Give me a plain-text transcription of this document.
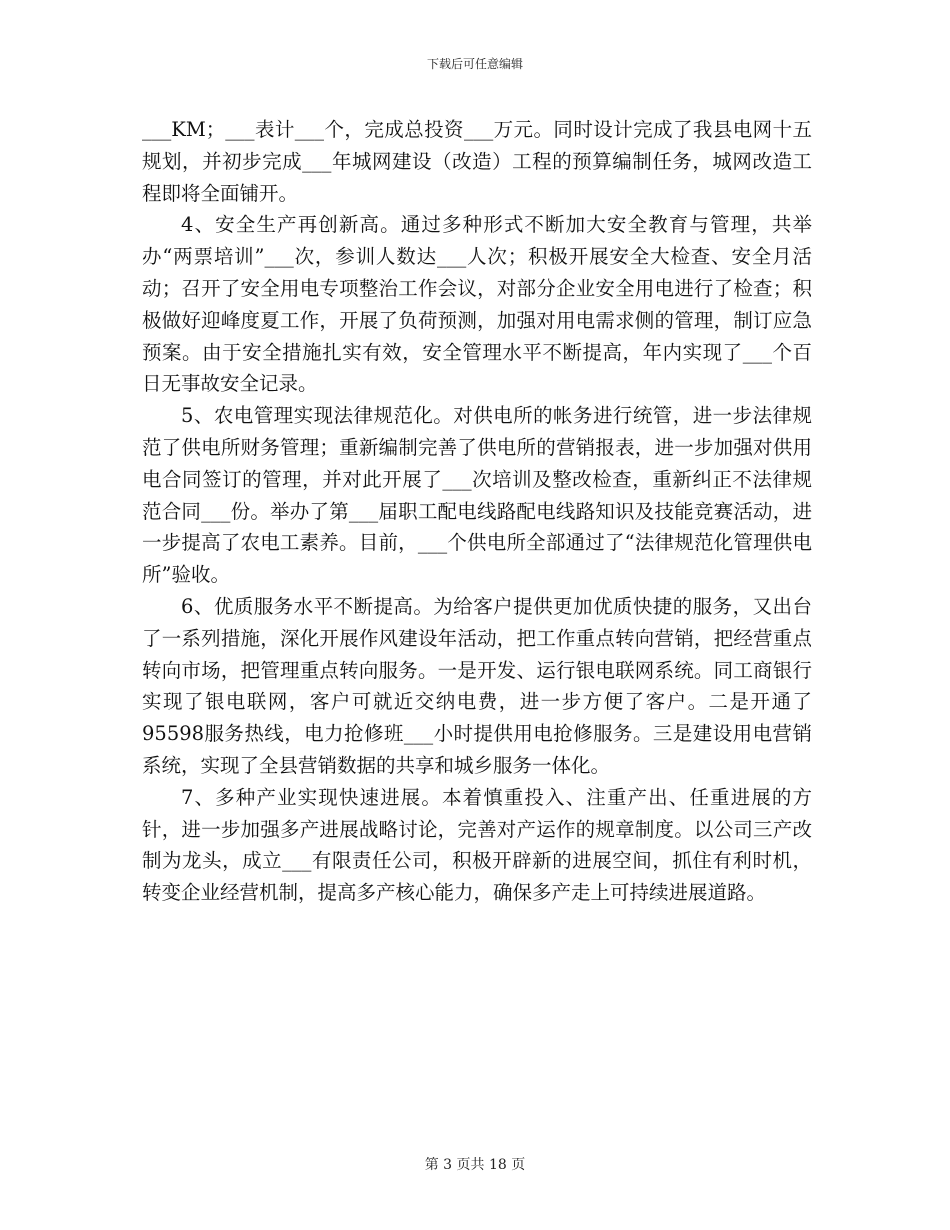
下载后可任意编辑

___KM；___表计___个，完成总投资___万元。同时设计完成了我县电网十五规划，并初步完成___年城网建设（改造）工程的预算编制任务，城网改造工程即将全面铺开。

4、安全生产再创新高。通过多种形式不断加大安全教育与管理，共举办“两票培训”___次，参训人数达___人次；积极开展安全大检查、安全月活动；召开了安全用电专项整治工作会议，对部分企业安全用电进行了检查；积极做好迎峰度夏工作，开展了负荷预测，加强对用电需求侧的管理，制订应急预案。由于安全措施扎实有效，安全管理水平不断提高，年内实现了___个百日无事故安全记录。

5、农电管理实现法律规范化。对供电所的帐务进行统管，进一步法律规范了供电所财务管理；重新编制完善了供电所的营销报表，进一步加强对供用电合同签订的管理，并对此开展了___次培训及整改检查，重新纠正不法律规范合同___份。举办了第___届职工配电线路配电线路知识及技能竞赛活动，进一步提高了农电工素养。目前，___个供电所全部通过了“法律规范化管理供电所”验收。

6、优质服务水平不断提高。为给客户提供更加优质快捷的服务，又出台了一系列措施，深化开展作风建设年活动，把工作重点转向营销，把经营重点转向市场，把管理重点转向服务。一是开发、运行银电联网系统。同工商银行实现了银电联网，客户可就近交纳电费，进一步方便了客户。二是开通了95598服务热线，电力抢修班___小时提供用电抢修服务。三是建设用电营销系统，实现了全县营销数据的共享和城乡服务一体化。

7、多种产业实现快速进展。本着慎重投入、注重产出、任重进展的方针，进一步加强多产进展战略讨论，完善对产运作的规章制度。以公司三产改制为龙头，成立___有限责任公司，积极开辟新的进展空间，抓住有利时机，转变企业经营机制，提高多产核心能力，确保多产走上可持续进展道路。

第 3 页共 18 页
